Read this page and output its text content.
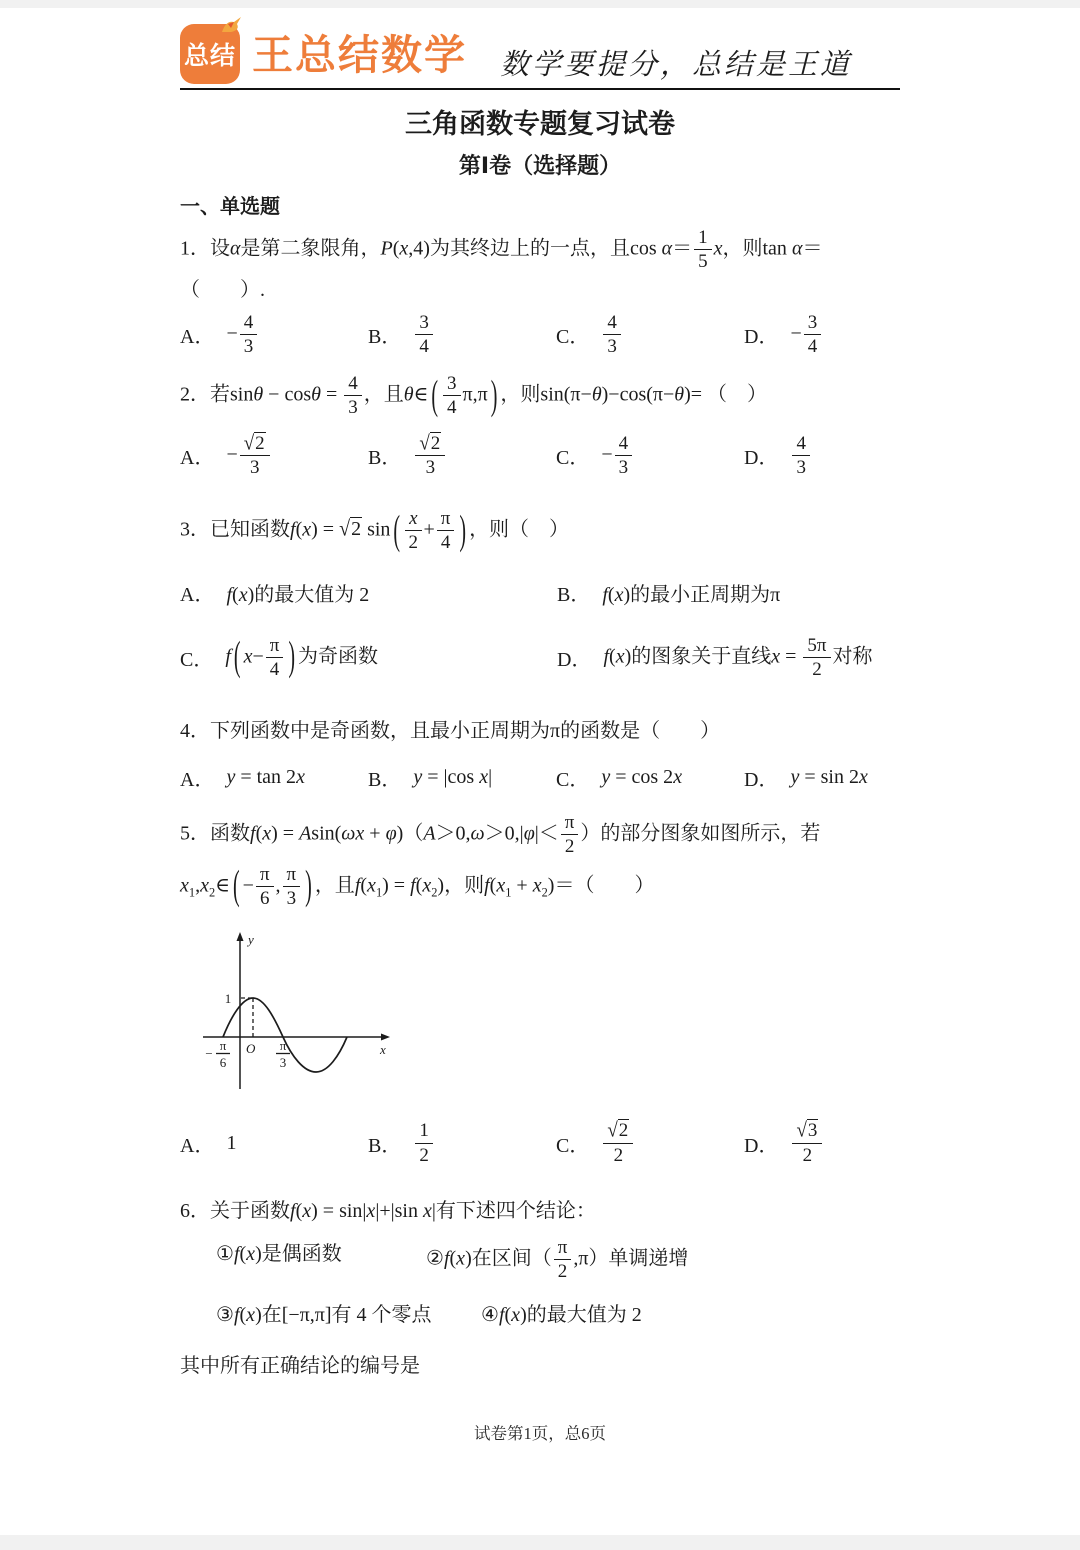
总结 王总结数学 数学要提分，总结是王道
三角函数专题复习试卷
第Ⅰ卷（选择题）
一、单选题
1．设α是第二象限角，P(x,4)为其终边上的一点，且$\cos \alpha= \frac{1}{5}$ x，则tan α＝（　　）.
A． − $\frac{4}{3}$	B． $\frac{3}{4}$	C． $\frac{4}{3}$	D． − $\frac{3}{4}$
2．若$\sin\theta - \cos\theta = \frac{4}{3}$ ，且θ∈ ( $\frac{3}{4} \pi,\pi$ ) ，则sin(π−θ)−cos(π−θ)= （　）
A． − $\frac{√2}{3}$	B． $\frac{√2}{3}$	C． − $\frac{4}{3}$	D． $\frac{4}{3}$
3．已知函数f(x) = √2 sin ( $\frac{x}{2} + \frac{\pi}{4}$ ) ，则（　）
A． f(x)的最大值为 2	B． f(x)的最小正周期为π
C． f ( $x- \frac{\pi}{4}$ ) 为奇函数	D． f(x)的图象关于直线$x = \frac{5\pi}{2}$ 对称
4．下列函数中是奇函数，且最小正周期为π的函数是（　　）
A． y = tan 2x	B． y = |cos x|	C． y = cos 2x	D． y = sin 2x
5．函数$f(x) = Asin(\omega x + \varphi)(A>0,\omega>0,|\varphi|< \frac{\pi}{2}$ ）的部分图象如图所示，若
$x_1,x_2\in$ ( − $\frac{\pi}{6}$ , $\frac{\pi}{3}$ ) ，且$f(x_1) = f(x_2)$，则$f(x_1 + x_2)=$（　　）
1
y
x
O
−
π
6
π
3
A． 1	B． $\frac{1}{2}$	C． $\frac{√2}{2}$	D． $\frac{√3}{2}$
6．关于函数f(x) = sin|x|+|sin x|有下述四个结论：
①f(x)是偶函数	②f(x)在区间（ $\frac{\pi}{2} ,\pi$）单调递增
③f(x)在[−π,π]有 4 个零点	④f(x)的最大值为 2
其中所有正确结论的编号是
试卷第1页，总6页
